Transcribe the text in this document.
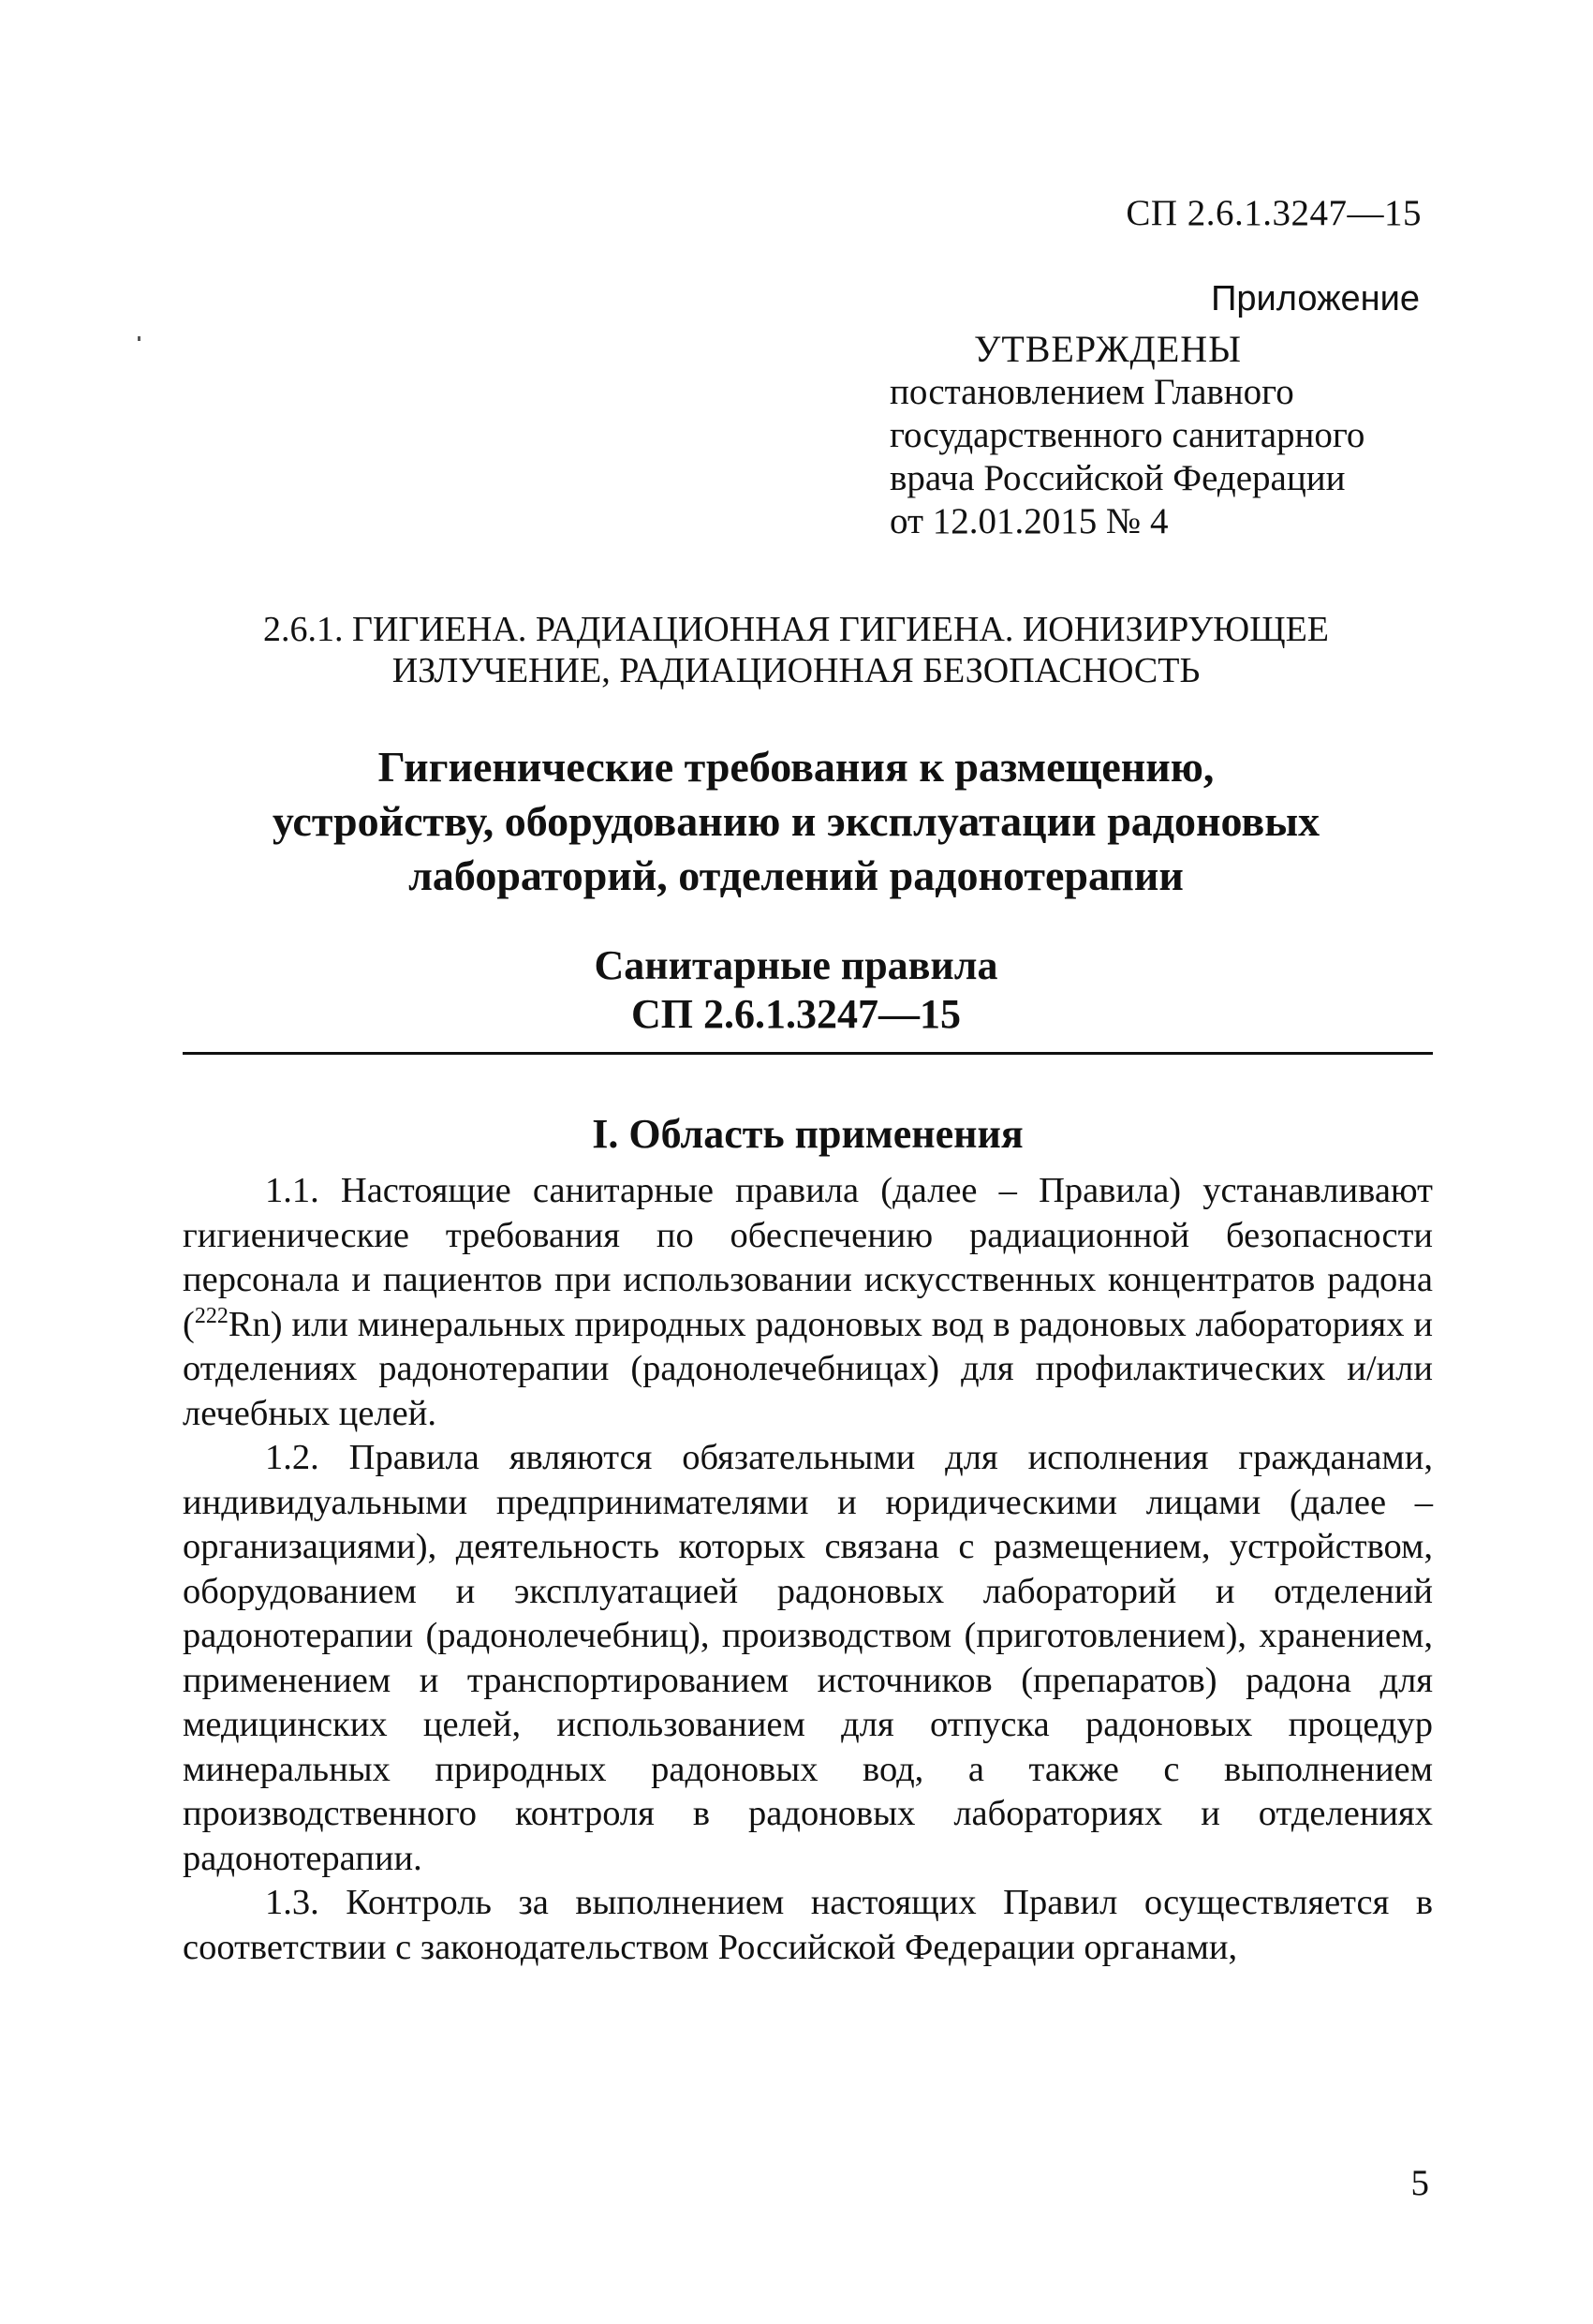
СП 2.6.1.3247—15
Приложение
УТВЕРЖДЕНЫ
постановлением Главного
государственного санитарного
врача Российской Федерации
от 12.01.2015 № 4
2.6.1. ГИГИЕНА. РАДИАЦИОННАЯ ГИГИЕНА. ИОНИЗИРУЮЩЕЕ
ИЗЛУЧЕНИЕ, РАДИАЦИОННАЯ БЕЗОПАСНОСТЬ
Гигиенические требования к размещению,
устройству, оборудованию и эксплуатации радоновых
лабораторий, отделений радонотерапии
Санитарные правила
СП 2.6.1.3247—15
I. Область применения

1.1. Настоящие санитарные правила (далее – Правила) устанавливают гигиенические требования по обеспечению радиационной безопасности персонала и пациентов при использовании искусственных концентратов радона ($^{222}$Rn) или минеральных природных радоновых вод в радоновых лабораториях и отделениях радонотерапии (радонолечебницах) для профилактических и/или лечебных целей.

1.2. Правила являются обязательными для исполнения гражданами, индивидуальными предпринимателями и юридическими лицами (далее – организациями), деятельность которых связана с размещением, устройством, оборудованием и эксплуатацией радоновых лабораторий и отделений радонотерапии (радонолечебниц), производством (приготовлением), хранением, применением и транспортированием источников (препаратов) радона для медицинских целей, использованием для отпуска радоновых процедур минеральных природных радоновых вод, а также с выполнением производственного контроля в радоновых лабораториях и отделениях радонотерапии.

1.3. Контроль за выполнением настоящих Правил осуществляется в соответствии с законодательством Российской Федерации органами,

5
